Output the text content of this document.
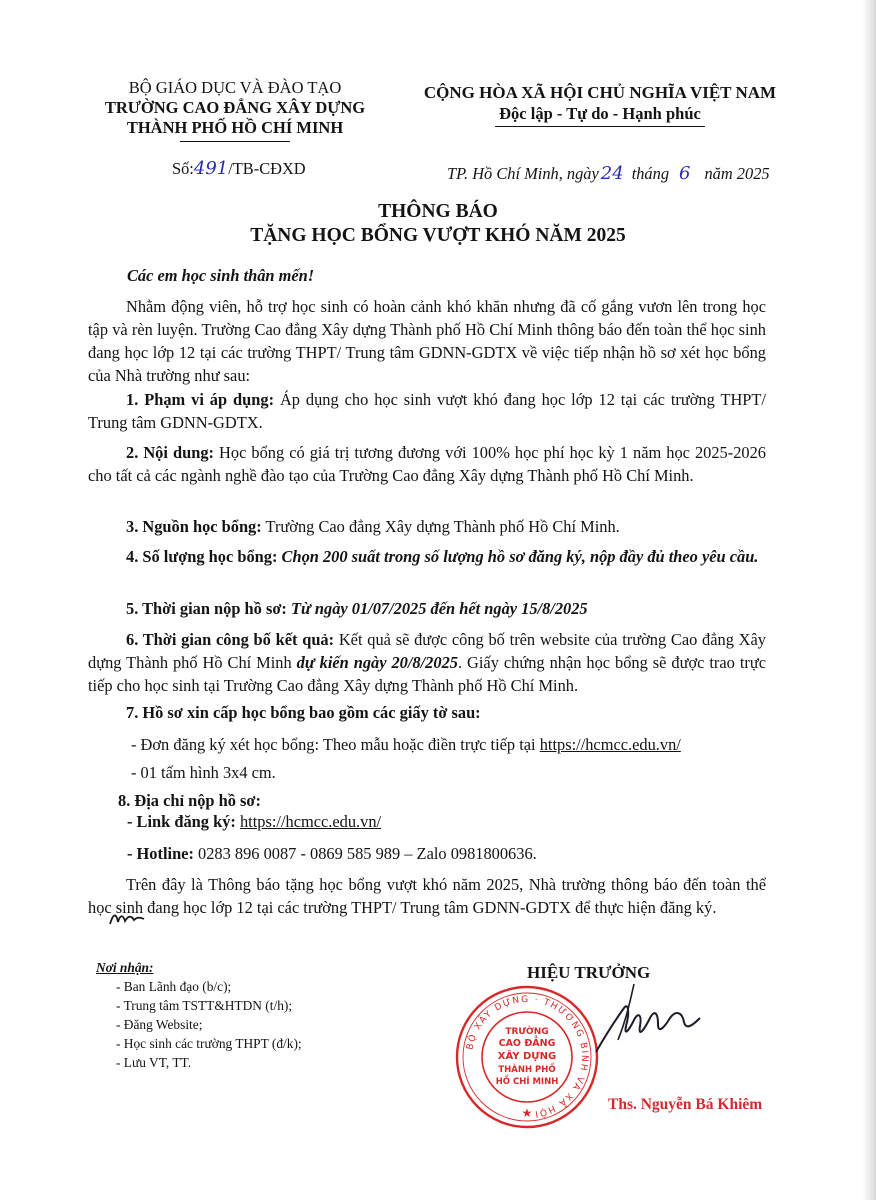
BỘ GIÁO DỤC VÀ ĐÀO TẠO
TRƯỜNG CAO ĐẲNG XÂY DỰNG
THÀNH PHỐ HỒ CHÍ MINH
CỘNG HÒA XÃ HỘI CHỦ NGHĨA VIỆT NAM
Độc lập - Tự do - Hạnh phúc
Số:491/TB-CĐXD	TP. Hồ Chí Minh, ngày 24 tháng 6 năm 2025
THÔNG BÁO
TẶNG HỌC BỔNG VƯỢT KHÓ NĂM 2025
Các em học sinh thân mến!
Nhằm động viên, hỗ trợ học sinh có hoàn cảnh khó khăn nhưng đã cố gắng vươn lên trong học tập và rèn luyện. Trường Cao đẳng Xây dựng Thành phố Hồ Chí Minh thông báo đến toàn thể học sinh đang học lớp 12 tại các trường THPT/ Trung tâm GDNN-GDTX về việc tiếp nhận hồ sơ xét học bổng của Nhà trường như sau:
1. Phạm vi áp dụng: Áp dụng cho học sinh vượt khó đang học lớp 12 tại các trường THPT/ Trung tâm GDNN-GDTX.
2. Nội dung: Học bổng có giá trị tương đương với 100% học phí học kỳ 1 năm học 2025-2026 cho tất cả các ngành nghề đào tạo của Trường Cao đẳng Xây dựng Thành phố Hồ Chí Minh.
3. Nguồn học bổng: Trường Cao đẳng Xây dựng Thành phố Hồ Chí Minh.
4. Số lượng học bổng: Chọn 200 suất trong số lượng hồ sơ đăng ký, nộp đầy đủ theo yêu cầu.
5. Thời gian nộp hồ sơ: Từ ngày 01/07/2025 đến hết ngày 15/8/2025
6. Thời gian công bố kết quả: Kết quả sẽ được công bố trên website của trường Cao đẳng Xây dựng Thành phố Hồ Chí Minh dự kiến ngày 20/8/2025. Giấy chứng nhận học bổng sẽ được trao trực tiếp cho học sinh tại Trường Cao đẳng Xây dựng Thành phố Hồ Chí Minh.
7. Hồ sơ xin cấp học bổng bao gồm các giấy tờ sau:
- Đơn đăng ký xét học bổng: Theo mẫu hoặc điền trực tiếp tại https://hcmcc.edu.vn/
- 01 tấm hình 3x4 cm.
8. Địa chỉ nộp hồ sơ:
- Link đăng ký: https://hcmcc.edu.vn/
- Hotline: 0283 896 0087 - 0869 585 989 – Zalo 0981800636.
Trên đây là Thông báo tặng học bổng vượt khó năm 2025, Nhà trường thông báo đến toàn thể học sinh đang học lớp 12 tại các trường THPT/ Trung tâm GDNN-GDTX để thực hiện đăng ký.
Nơi nhận:
- Ban Lãnh đạo (b/c);
- Trung tâm TSTT&HTDN (t/h);
- Đăng Website;
- Học sinh các trường THPT (đ/k);
- Lưu VT, TT.
HIỆU TRƯỞNG
BỘ XÂY DỰNG · THƯƠNG BINH VÀ XÃ HỘI
TRƯỜNG
CAO ĐẲNG
XÂY DỰNG
THÀNH PHỐ
HỒ CHÍ MINH
★	Ths. Nguyễn Bá Khiêm
